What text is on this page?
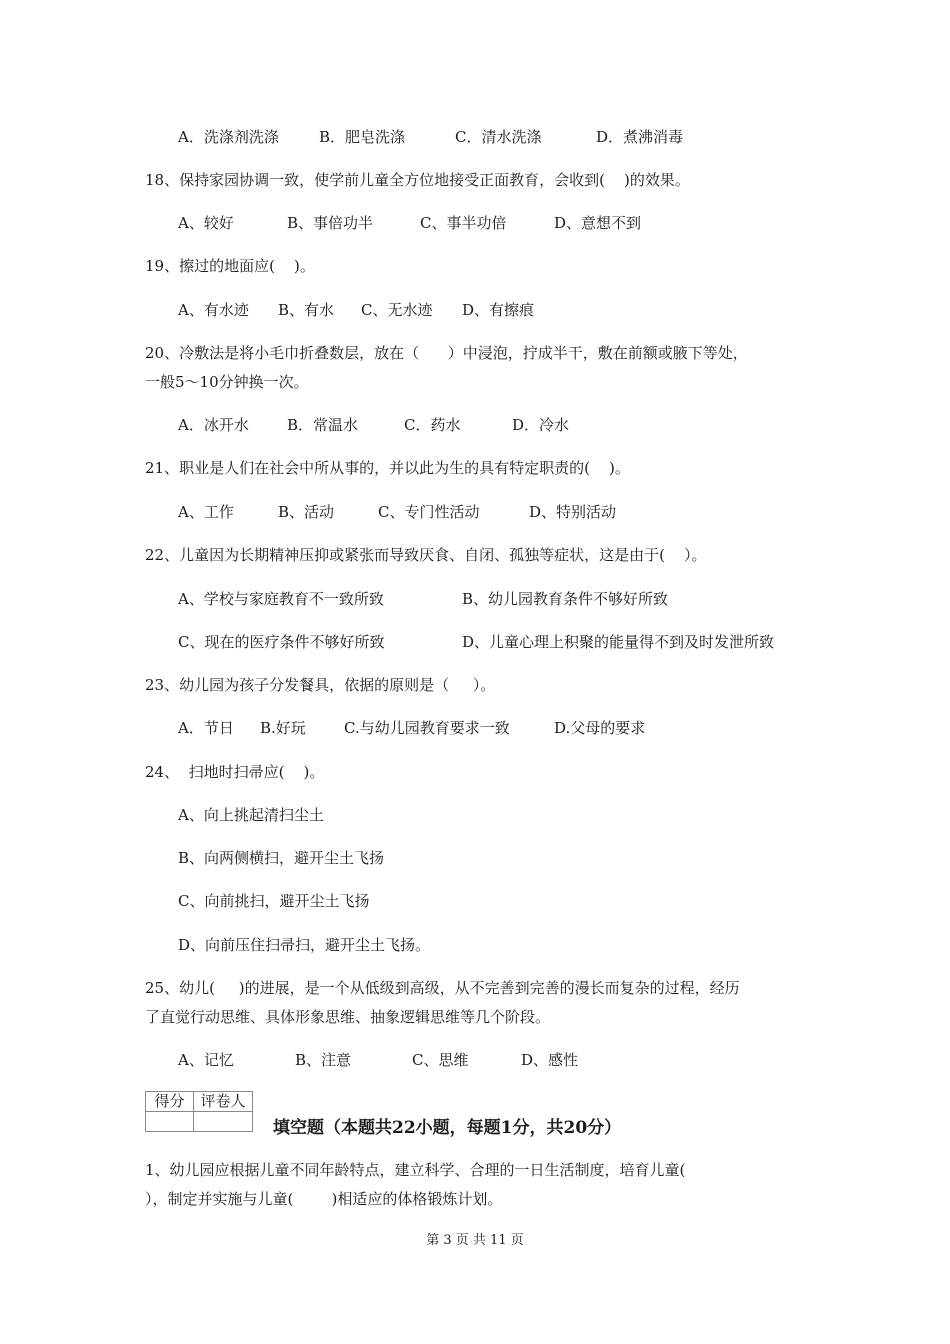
A．洗涤剂洗涤	B．肥皂洗涤	C．清水洗涤	D．煮沸消毒
18、保持家园协调一致，使学前儿童全方位地接受正面教育，会收到(    )的效果。
A、较好	B、事倍功半	C、事半功倍	D、意想不到
19、擦过的地面应(    )。
A、有水迹 B、有水 C、无水迹 D、有擦痕
20、冷敷法是将小毛巾折叠数层，放在（      ）中浸泡，拧成半干，敷在前额或腋下等处，
一般5～10分钟换一次。
A．冰开水	B．常温水	C．药水	D．冷水
21、职业是人们在社会中所从事的，并以此为生的具有特定职责的(    )。
A、工作	B、活动	C、专门性活动	D、特别活动
22、儿童因为长期精神压抑或紧张而导致厌食、自闭、孤独等症状，这是由于(    ）。
A、学校与家庭教育不一致所致	B、幼儿园教育条件不够好所致
C、现在的医疗条件不够好所致	D、儿童心理上积聚的能量得不到及时发泄所致
23、幼儿园为孩子分发餐具，依据的原则是（     ）。
A．节日 B.好玩	C.与幼儿园教育要求一致	D.父母的要求
24、  扫地时扫帚应(    )。
A、向上挑起清扫尘土
B、向两侧横扫，避开尘土飞扬
C、向前挑扫，避开尘土飞扬
D、向前压住扫帚扫，避开尘土飞扬。
25、幼儿(     )的进展，是一个从低级到高级，从不完善到完善的漫长而复杂的过程，经历
了直觉行动思维、具体形象思维、抽象逻辑思维等几个阶段。
A、记忆	B、注意	C、思维	D、感性
得分	评卷人

填空题（本题共22小题，每题1分，共20分）
1、幼儿园应根据儿童不同年龄特点，建立科学、合理的一日生活制度，培育儿童(
），制定并实施与儿童(        )相适应的体格锻炼计划。
第 3 页 共 11 页
